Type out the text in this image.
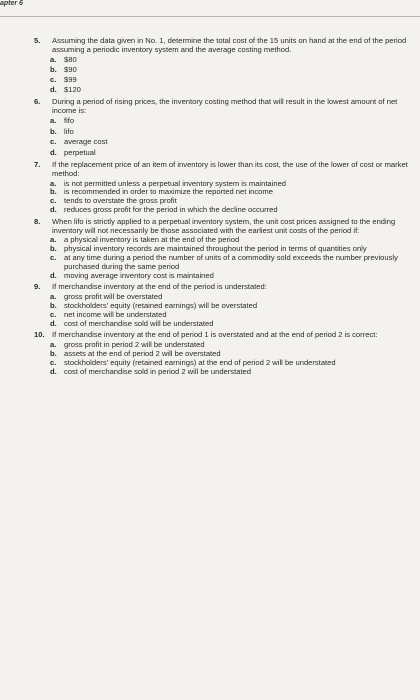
apter 6
5.	Assuming the data given in No. 1, determine the total cost of the 15 units on hand at the end of the period assuming a periodic inventory system and the average costing method.
a.	$80
b. $90
c.	$99
d. $120
6.	During a period of rising prices, the inventory costing method that will result in the lowest amount of net income is:
a.	fifo
b. lifo
c.	average cost
d. perpetual
7.	If the replacement price of an item of inventory is lower than its cost, the use of the lower of cost or market method:
a.	is not permitted unless a perpetual inventory system is maintained
b. is recommended in order to maximize the reported net income
c.	tends to overstate the gross profit
d. reduces gross profit for the period in which the decline occurred
8.	When lifo is strictly applied to a perpetual inventory system, the unit cost prices assigned to the ending inventory will not necessarily be those associated with the earliest unit costs of the period if:
a.	a physical inventory is taken at the end of the period
b. physical inventory records are maintained throughout the period in terms of quantities only
c.	at any time during a period the number of units of a commodity sold exceeds the number previously purchased during the same period
d. moving average inventory cost is maintained
9.	If merchandise inventory at the end of the period is understated:
a.	gross profit will be overstated
b. stockholders' equity (retained earnings) will be overstated
c.	net income will be understated
d. cost of merchandise sold will be understated
10. If merchandise inventory at the end of period 1 is overstated and at the end of period 2 is correct:
a.	gross profit in period 2 will be understated
b. assets at the end of period 2 will be overstated
c.	stockholders' equity (retained earnings) at the end of period 2 will be understated
d. cost of merchandise sold in period 2 will be understated
